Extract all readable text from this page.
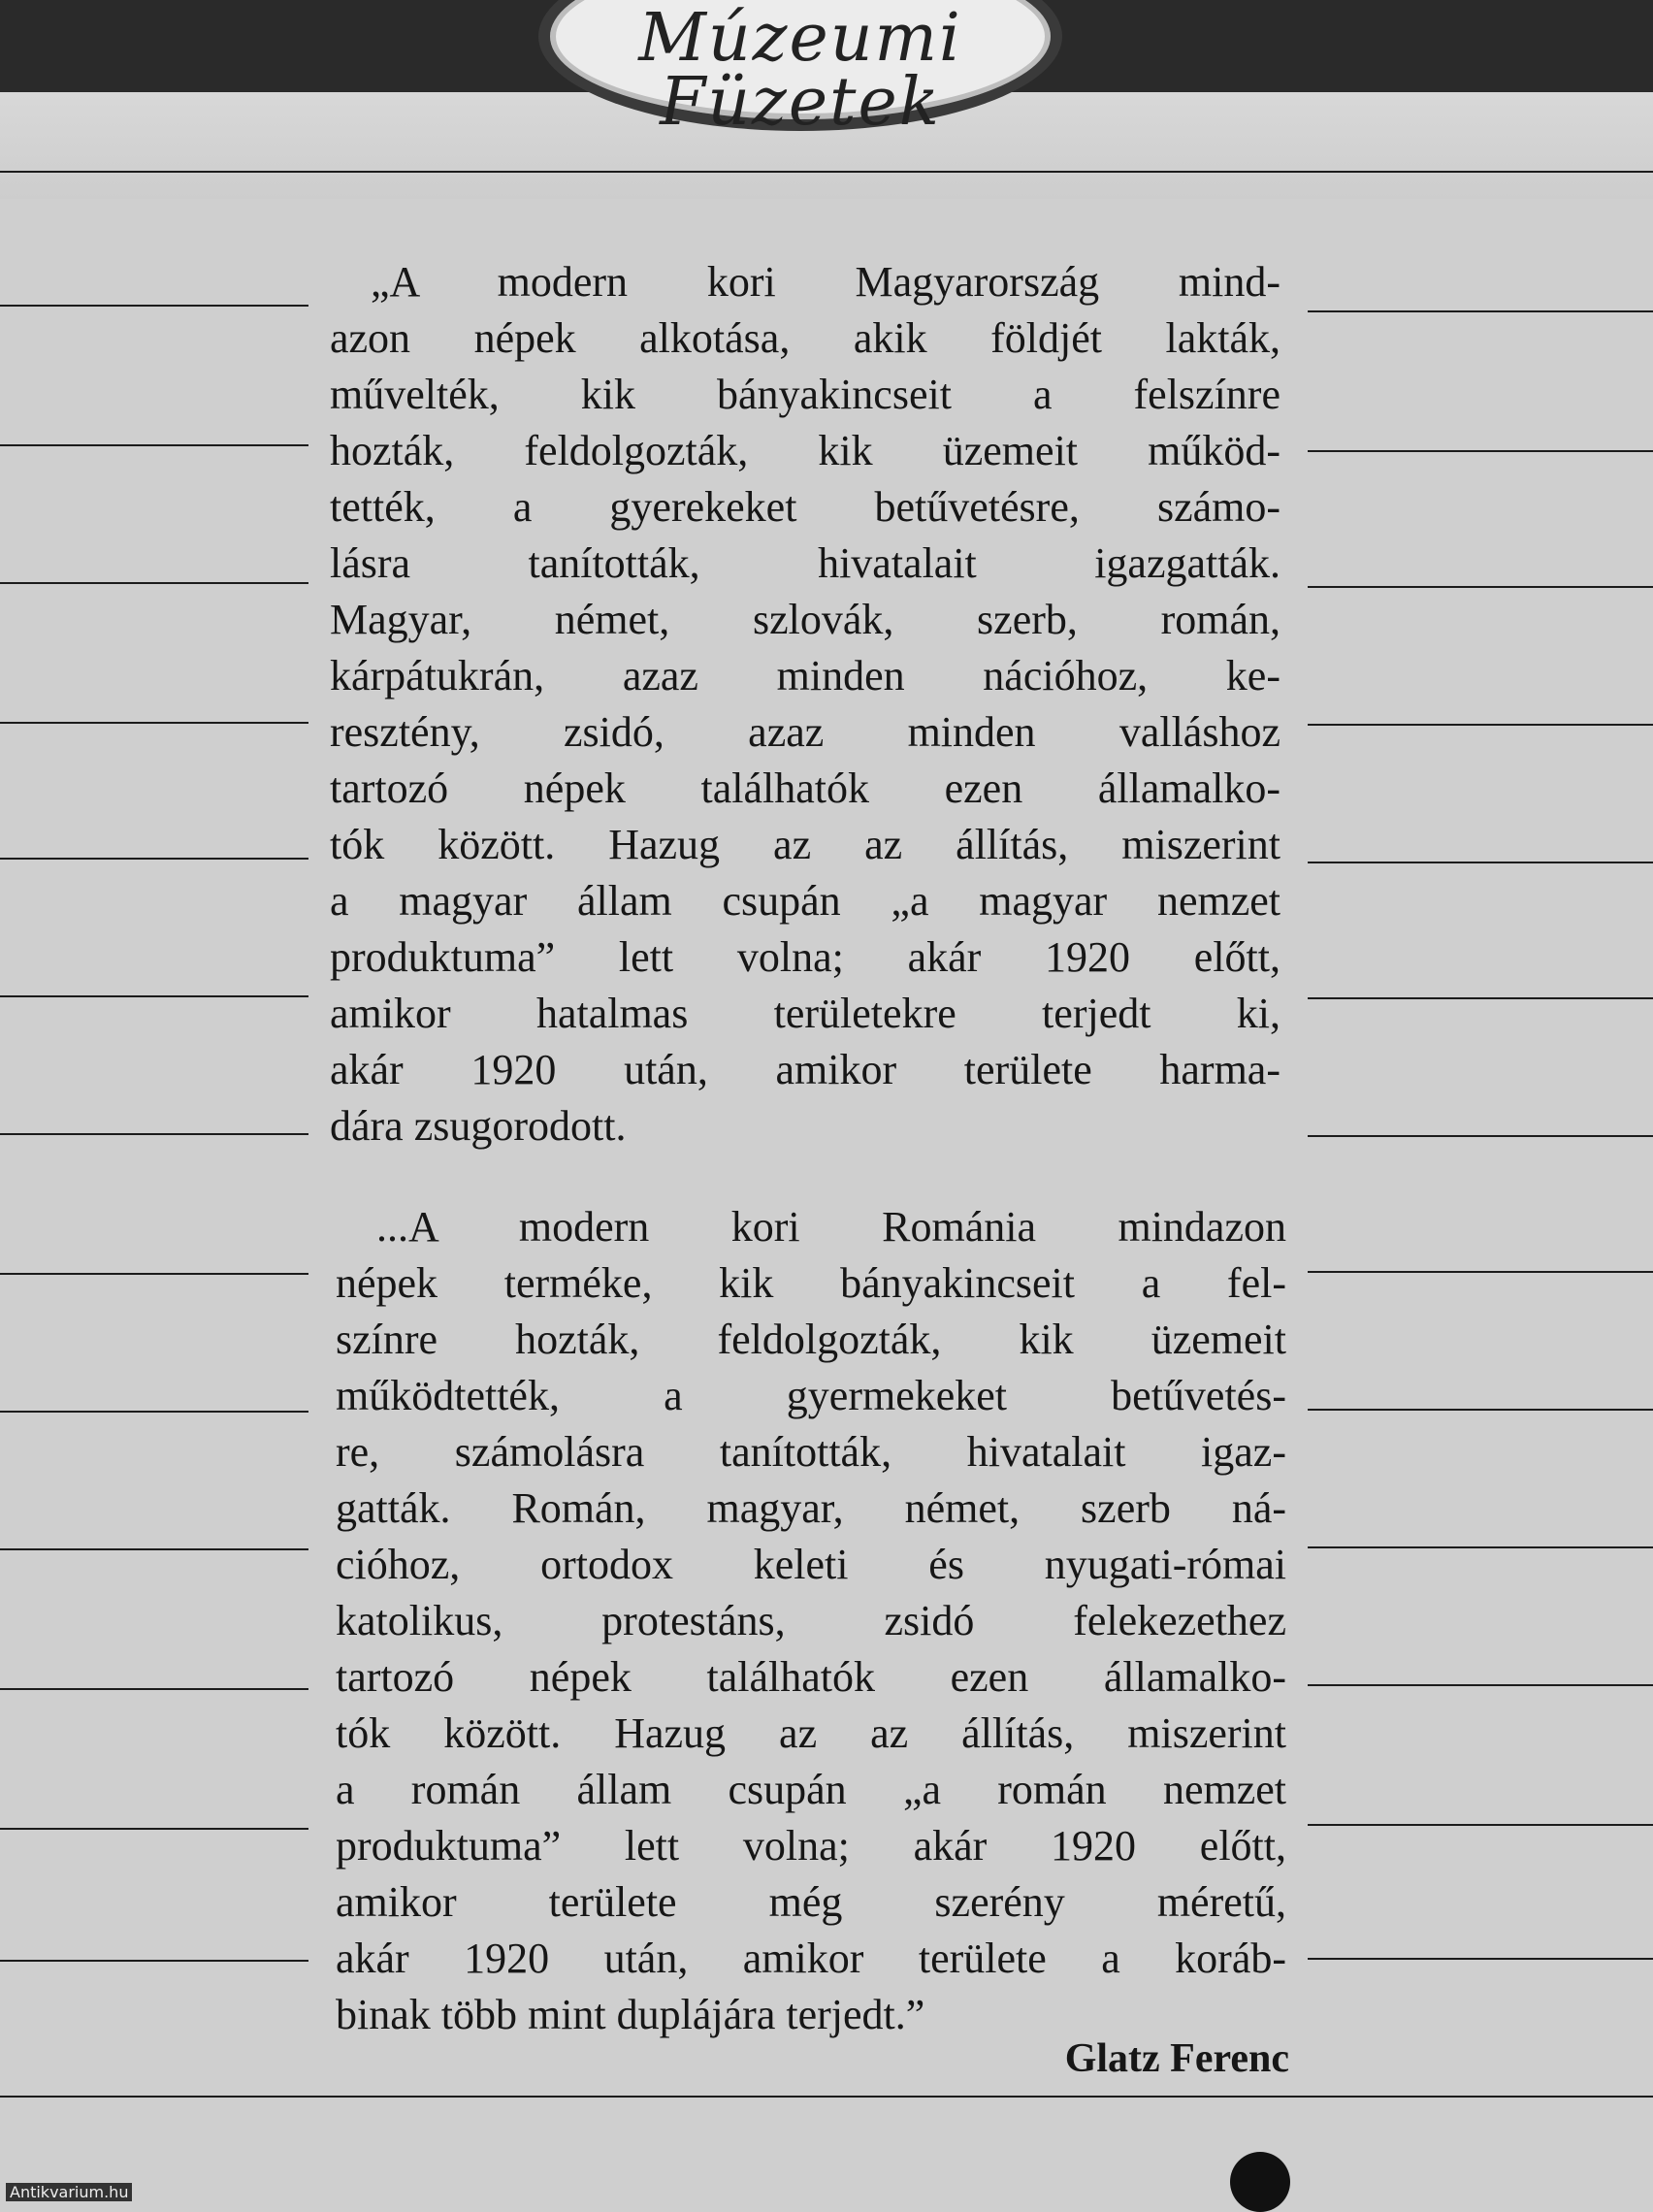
Múzeumi
Füzetek
„A modern kori Magyarország mind-
azon népek alkotása, akik földjét lakták,
művelték, kik bányakincseit a felszínre
hozták, feldolgozták, kik üzemeit működ-
tették, a gyerekeket betűvetésre, számo-
lásra tanították, hivatalait igazgatták.
Magyar, német, szlovák, szerb, román,
kárpátukrán, azaz minden nációhoz, ke-
resztény, zsidó, azaz minden valláshoz
tartozó népek találhatók ezen államalko-
tók között. Hazug az az állítás, miszerint
a magyar állam csupán „a magyar nemzet
produktuma” lett volna; akár 1920 előtt,
amikor hatalmas területekre terjedt ki,
akár 1920 után, amikor területe harma-
dára zsugorodott.
...A modern kori Románia mindazon
népek terméke, kik bányakincseit a fel-
színre hozták, feldolgozták, kik üzemeit
működtették, a gyermekeket betűvetés-
re, számolásra tanították, hivatalait igaz-
gatták. Román, magyar, német, szerb ná-
cióhoz, ortodox keleti és nyugati-római
katolikus, protestáns, zsidó felekezethez
tartozó népek találhatók ezen államalko-
tók között. Hazug az az állítás, miszerint
a román állam csupán „a román nemzet
produktuma” lett volna; akár 1920 előtt,
amikor területe még szerény méretű,
akár 1920 után, amikor területe a koráb-
binak több mint duplájára terjedt.”
Glatz Ferenc
Antikvarium.hu
